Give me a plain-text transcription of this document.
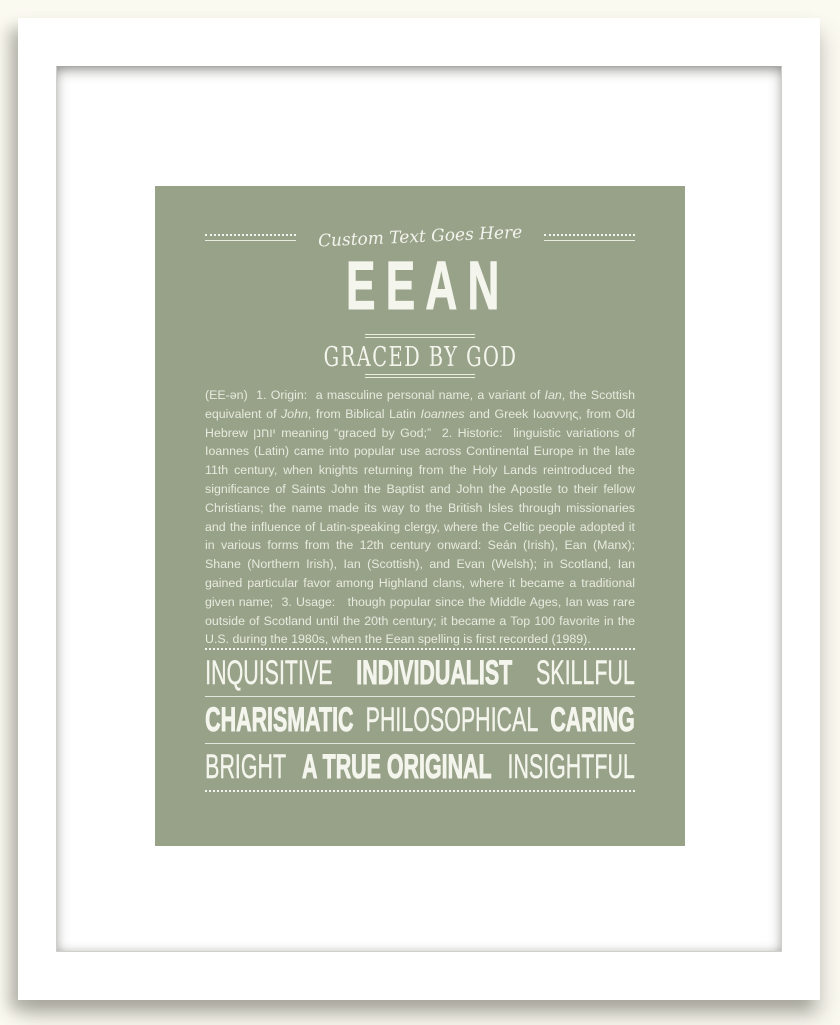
Custom Text Goes Here
EEAN
GRACED BY GOD
(EE-ən)  1. Origin:  a masculine personal name, a variant of Ian, the Scottish equivalent of John, from Biblical Latin Ioannes and Greek Ιωαννης, from Old Hebrew יוחנן meaning “graced by God;”  2. Historic:  linguistic variations of Ioannes (Latin) came into popular use across Continental Europe in the late 11th century, when knights returning from the Holy Lands reintroduced the significance of Saints John the Baptist and John the Apostle to their fellow Christians; the name made its way to the British Isles through missionaries and the influence of Latin-speaking clergy, where the Celtic people adopted it in various forms from the 12th century onward: Seán (Irish), Ean (Manx); Shane (Northern Irish), Ian (Scottish), and Evan (Welsh); in Scotland, Ian gained particular favor among Highland clans, where it became a traditional given name;  3. Usage:   though popular since the Middle Ages, Ian was rare outside of Scotland until the 20th century; it became a Top 100 favorite in the U.S. during the 1980s, when the Eean spelling is first recorded (1989).
INQUISITIVE INDIVIDUALIST SKILLFUL
CHARISMATIC PHILOSOPHICAL CARING
BRIGHT A TRUE ORIGINAL INSIGHTFUL
